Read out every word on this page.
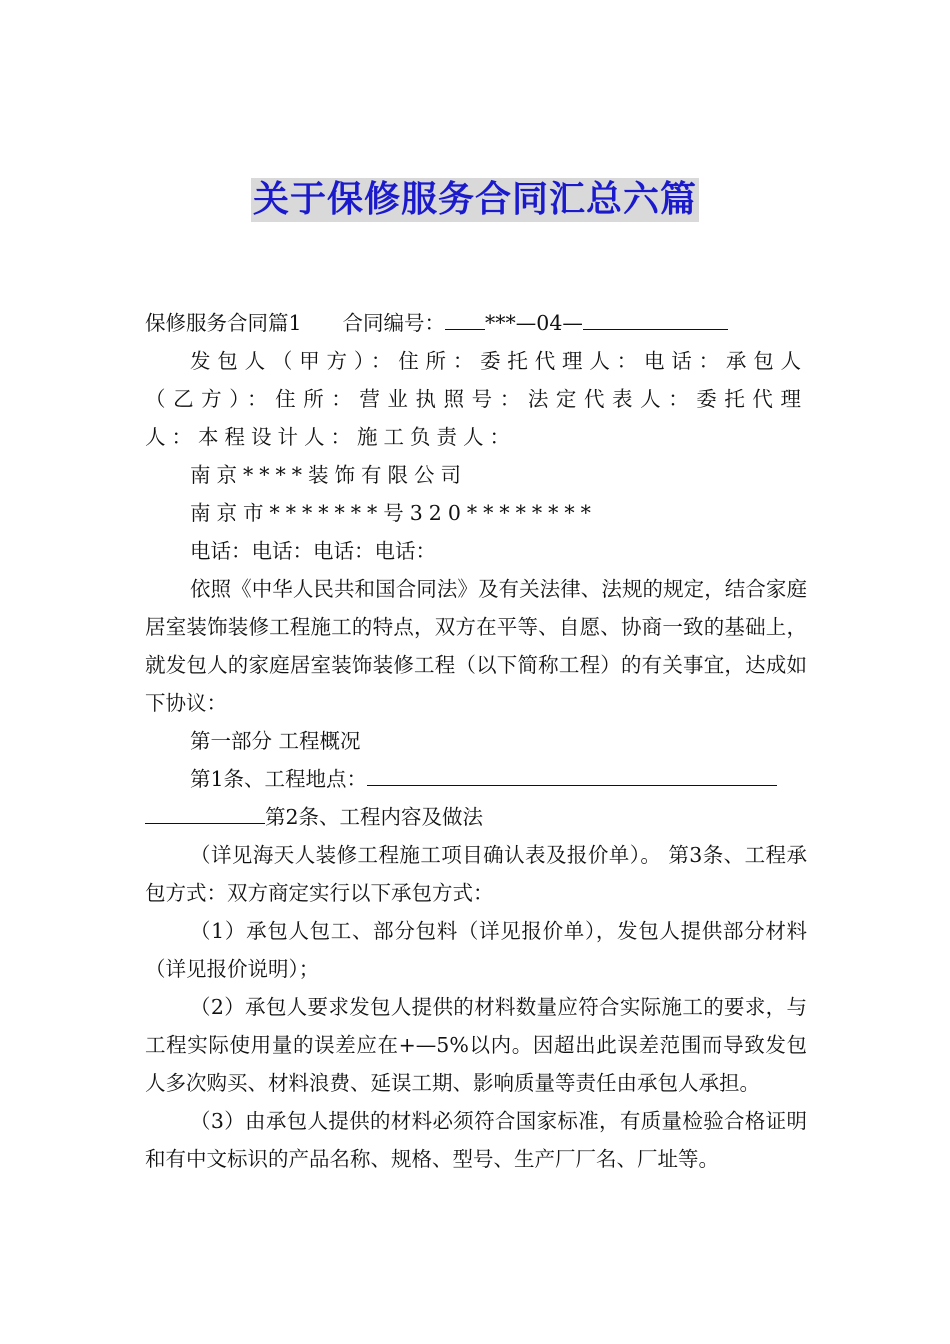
关于保修服务合同汇总六篇

保修服务合同篇1　　合同编号： ***—04—

发包人（甲方）：住所：委托代理人：电话：承包人（乙方）：住所：营业执照号：法定代表人：委托代理人：本程设计人：施工负责人：

南京****装饰有限公司

南京市*******号320********

电话：电话：电话：电话：

依照《中华人民共和国合同法》及有关法律、法规的规定，结合家庭居室装饰装修工程施工的特点，双方在平等、自愿、协商一致的基础上，就发包人的家庭居室装饰装修工程（以下简称工程）的有关事宜，达成如下协议：

第一部分 工程概况

第1条、工程地点：

第2条、工程内容及做法

（详见海天人装修工程施工项目确认表及报价单）。 第3条、工程承包方式：双方商定实行以下承包方式：

（1）承包人包工、部分包料（详见报价单），发包人提供部分材料（详见报价说明）；

（2）承包人要求发包人提供的材料数量应符合实际施工的要求，与工程实际使用量的误差应在+—5%以内。因超出此误差范围而导致发包人多次购买、材料浪费、延误工期、影响质量等责任由承包人承担。

（3）由承包人提供的材料必须符合国家标准，有质量检验合格证明和有中文标识的产品名称、规格、型号、生产厂厂名、厂址等。
